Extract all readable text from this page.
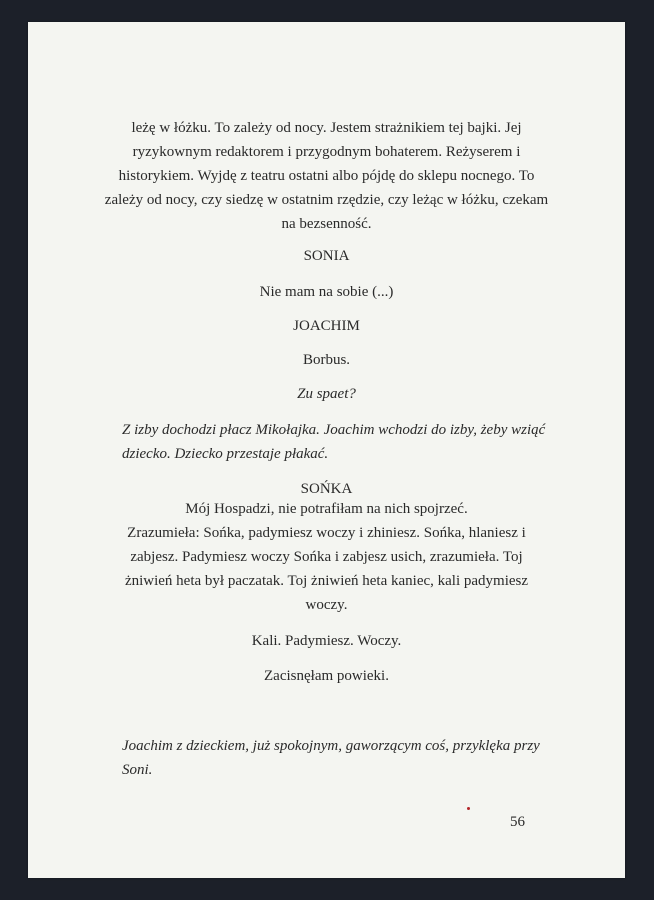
leżę w łóżku. To zależy od nocy. Jestem strażnikiem tej bajki. Jej
ryzykownym redaktorem i przygodnym bohaterem. Reżyserem i
historykiem. Wyjdę z teatru ostatni albo pójdę do sklepu nocnego. To
zależy od nocy, czy siedzę w ostatnim rzędzie, czy leżąc w łóżku, czekam
na bezsenność.
SONIA
Nie mam na sobie (...)
JOACHIM
Borbus.
Zu spaet?
Z izby dochodzi płacz Mikołajka. Joachim wchodzi do izby, żeby wziąć
dziecko. Dziecko przestaje płakać.
SOŃKA
Mój Hospadzi, nie potrafiłam na nich spojrzeć.
Zrazumieła: Sońka, padymiesz woczy i zhiniesz. Sońka, hlaniesz i
zabjesz. Padymiesz woczy Sońka i zabjesz usich, zrazumieła. Toj
żniwień heta był paczatak. Toj żniwień heta kaniec, kali padymiesz
woczy.
Kali. Padymiesz. Woczy.
Zacisnęłam powieki.
Joachim z dzieckiem, już spokojnym, gaworzącym coś, przyklęka przy
Soni.
56
